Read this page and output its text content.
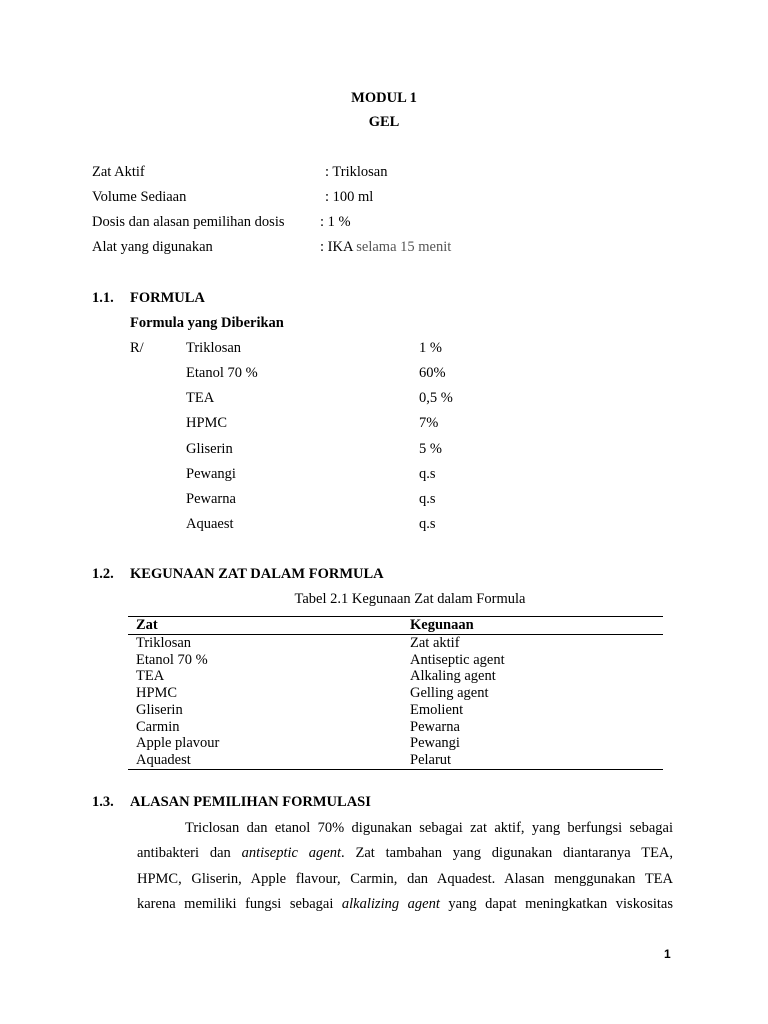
MODUL 1
GEL
Zat Aktif	: Triklosan
Volume Sediaan	: 100 ml
Dosis dan alasan pemilihan dosis : 1 %
Alat yang digunakan	: IKA selama 15 menit
1.1. FORMULA
Formula yang Diberikan
R/	Triklosan	1 %
Etanol 70 %	60%
TEA	0,5 %
HPMC	7%
Gliserin	5 %
Pewangi	q.s
Pewarna	q.s
Aquaest	q.s
1.2. KEGUNAAN ZAT DALAM FORMULA
Tabel 2.1 Kegunaan Zat dalam Formula
Zat	Kegunaan
Triklosan	Zat aktif
Etanol 70 %	Antiseptic agent
TEA	Alkaling agent
HPMC	Gelling agent
Gliserin	Emolient
Carmin	Pewarna
Apple plavour	Pewangi
Aquadest	Pelarut
1.3. ALASAN PEMILIHAN FORMULASI
Triclosan dan etanol 70% digunakan sebagai zat aktif, yang berfungsi sebagai
antibakteri dan antiseptic agent. Zat tambahan yang digunakan diantaranya TEA,
HPMC, Gliserin, Apple flavour, Carmin, dan Aquadest. Alasan menggunakan TEA
karena memiliki fungsi sebagai alkalizing agent yang dapat meningkatkan viskositas
1
